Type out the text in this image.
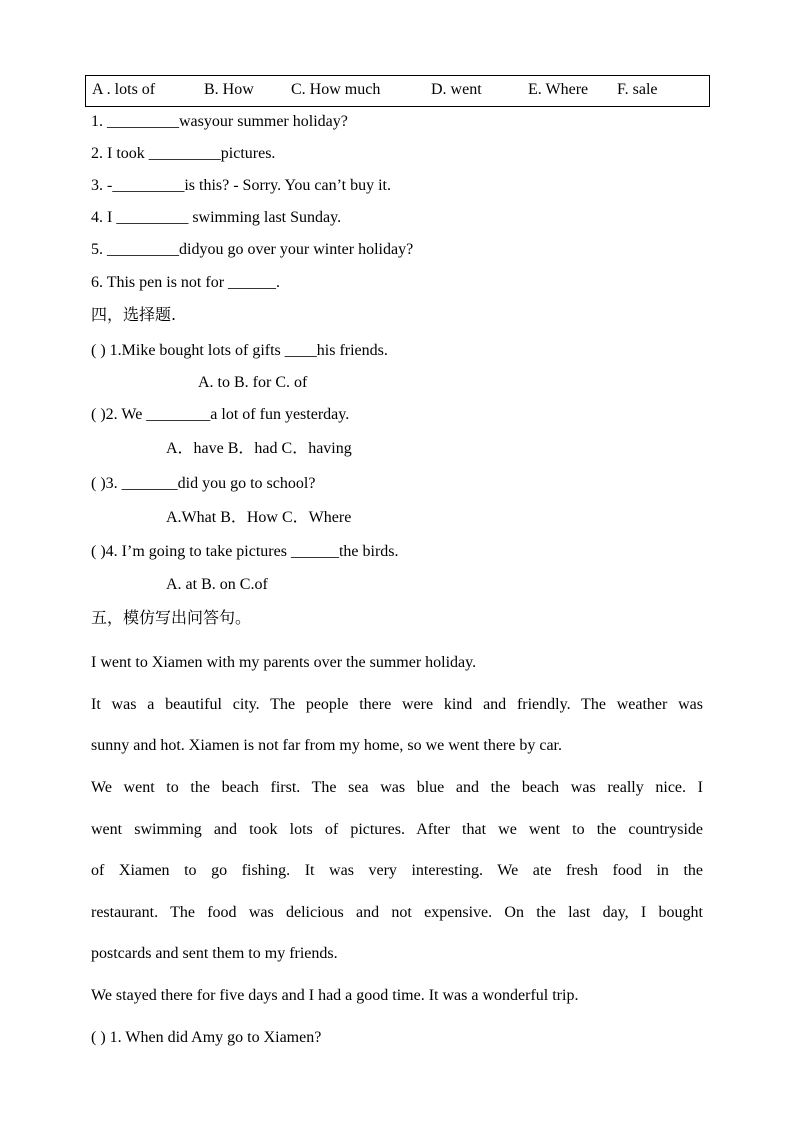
A . lots of	B. How C. How much	D. went	E. Where F. sale
1. _________wasyour summer holiday?
2. I took _________pictures.
3. -_________is this? - Sorry. You can’t buy it.
4. I _________ swimming last Sunday.
5. _________didyou go over your winter holiday?
6. This pen is not for ______.
四，选择题.
( ) 1.Mike bought lots of gifts ____his friends.
A. to B. for C. of
( )2. We ________a lot of fun yesterday.
A．have B．had C．having
( )3. _______did you go to school?
A.What B．How C．Where
( )4. I’m going to take pictures ______the birds.
A. at B. on C.of
五，模仿写出问答句。
I went to Xiamen with my parents over the summer holiday.
It was a beautiful city. The people there were kind and friendly. The weather was
sunny and hot. Xiamen is not far from my home, so we went there by car.
We went to the beach first. The sea was blue and the beach was really nice. I
went swimming and took lots of pictures. After that we went to the countryside
of Xiamen to go fishing. It was very interesting. We ate fresh food in the
restaurant. The food was delicious and not expensive. On the last day, I bought
postcards and sent them to my friends.
We stayed there for five days and I had a good time. It was a wonderful trip.
( ) 1. When did Amy go to Xiamen?
